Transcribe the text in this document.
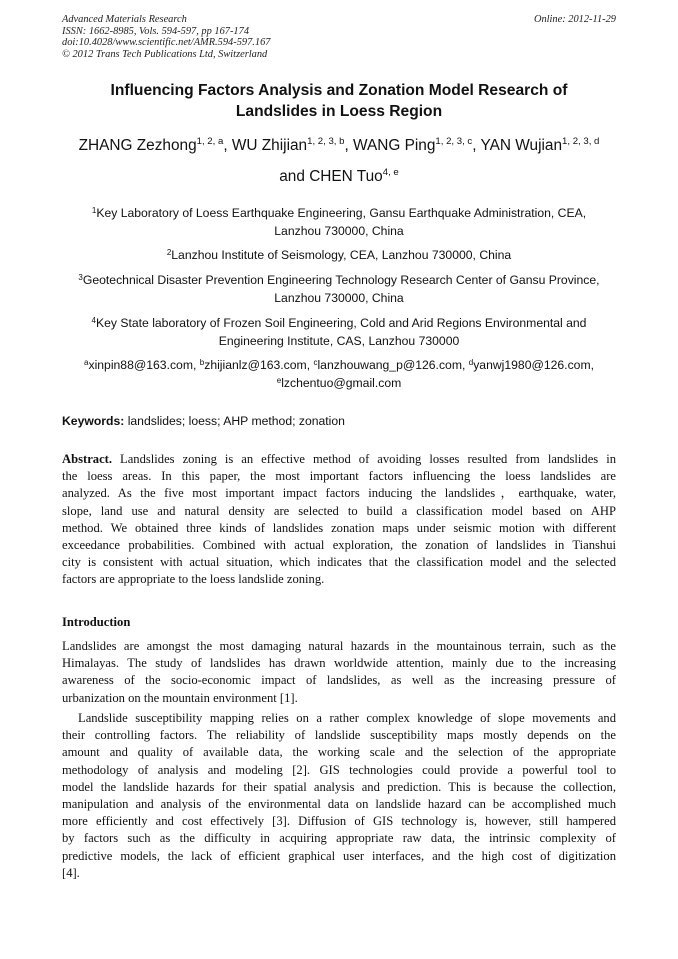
Advanced Materials Research
ISSN: 1662-8985, Vols. 594-597, pp 167-174
doi:10.4028/www.scientific.net/AMR.594-597.167
© 2012 Trans Tech Publications Ltd, Switzerland
Online: 2012-11-29
Influencing Factors Analysis and Zonation Model Research of
Landslides in Loess Region
ZHANG Zezhong$^{1, 2, a}$, WU Zhijian$^{1, 2, 3, b}$, WANG Ping$^{1, 2, 3, c}$, YAN Wujian$^{1, 2, 3, d}$
and CHEN Tuo$^{4, e}$
$^1$Key Laboratory of Loess Earthquake Engineering, Gansu Earthquake Administration, CEA,
Lanzhou 730000, China
$^2$Lanzhou Institute of Seismology, CEA, Lanzhou 730000, China
$^3$Geotechnical Disaster Prevention Engineering Technology Research Center of Gansu Province,
Lanzhou 730000, China
$^4$Key State laboratory of Frozen Soil Engineering, Cold and Arid Regions Environmental and
Engineering Institute, CAS, Lanzhou 730000
$^a$xinpin88@163.com, $^b$zhijianlz@163.com, $^c$lanzhouwang_p@126.com, $^d$yanwj1980@126.com,
$^e$lzchentuo@gmail.com
Keywords: landslides; loess; AHP method; zonation
Abstract. Landslides zoning is an effective method of avoiding losses resulted from landslides in
the loess areas. In this paper, the most important factors influencing the loess landslides are
analyzed. As the five most important impact factors inducing the landslides，earthquake, water,
slope, land use and natural density are selected to build a classification model based on AHP
method. We obtained three kinds of landslides zonation maps under seismic motion with different
exceedance probabilities. Combined with actual exploration, the zonation of landslides in Tianshui
city is consistent with actual situation, which indicates that the classification model and the selected
factors are appropriate to the loess landslide zoning.
Introduction
Landslides are amongst the most damaging natural hazards in the mountainous terrain, such as the
Himalayas. The study of landslides has drawn worldwide attention, mainly due to the increasing
awareness of the socio-economic impact of landslides, as well as the increasing pressure of
urbanization on the mountain environment [1].
Landslide susceptibility mapping relies on a rather complex knowledge of slope movements and
their controlling factors. The reliability of landslide susceptibility maps mostly depends on the
amount and quality of available data, the working scale and the selection of the appropriate
methodology of analysis and modeling [2]. GIS technologies could provide a powerful tool to
model the landslide hazards for their spatial analysis and prediction. This is because the collection,
manipulation and analysis of the environmental data on landslide hazard can be accomplished much
more efficiently and cost effectively [3]. Diffusion of GIS technology is, however, still hampered
by factors such as the difficulty in acquiring appropriate raw data, the intrinsic complexity of
predictive models, the lack of efficient graphical user interfaces, and the high cost of digitization
[4].
